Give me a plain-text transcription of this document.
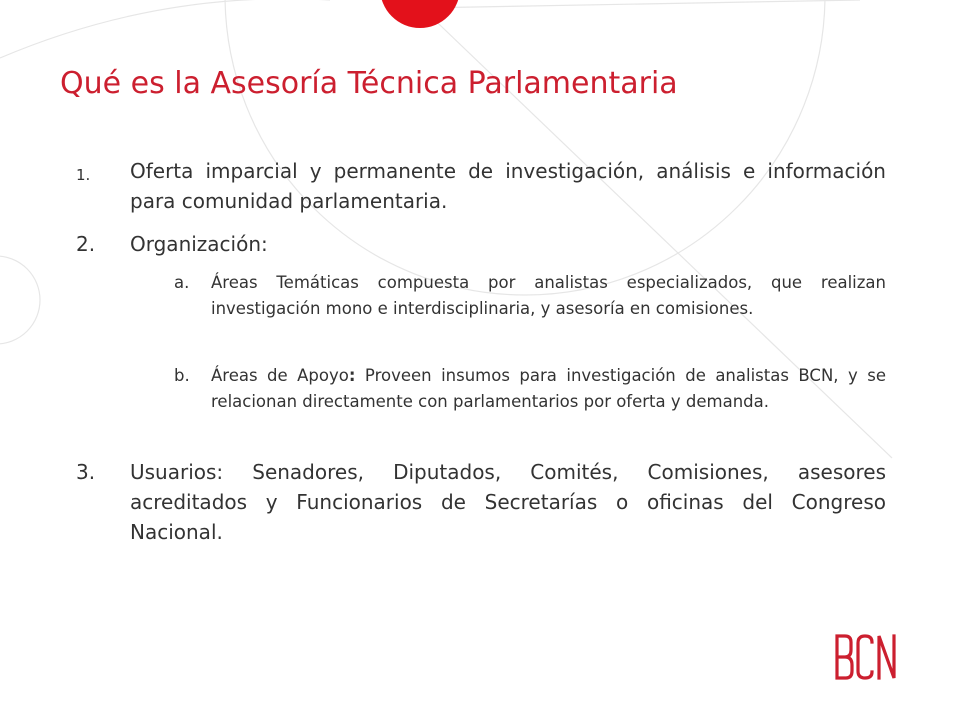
Qué es la Asesoría Técnica Parlamentaria
1.	Oferta imparcial y permanente de investigación, análisis e información para comunidad parlamentaria.
2.	Organización:
a.	Áreas Temáticas compuesta por analistas especializados, que realizan investigación mono e interdisciplinaria, y asesoría en comisiones.
b.	Áreas de Apoyo: Proveen insumos para investigación de analistas BCN, y se relacionan directamente con parlamentarios por oferta y demanda.
3.	Usuarios: Senadores, Diputados, Comités, Comisiones, asesores acreditados y Funcionarios de Secretarías o oficinas del Congreso Nacional.
